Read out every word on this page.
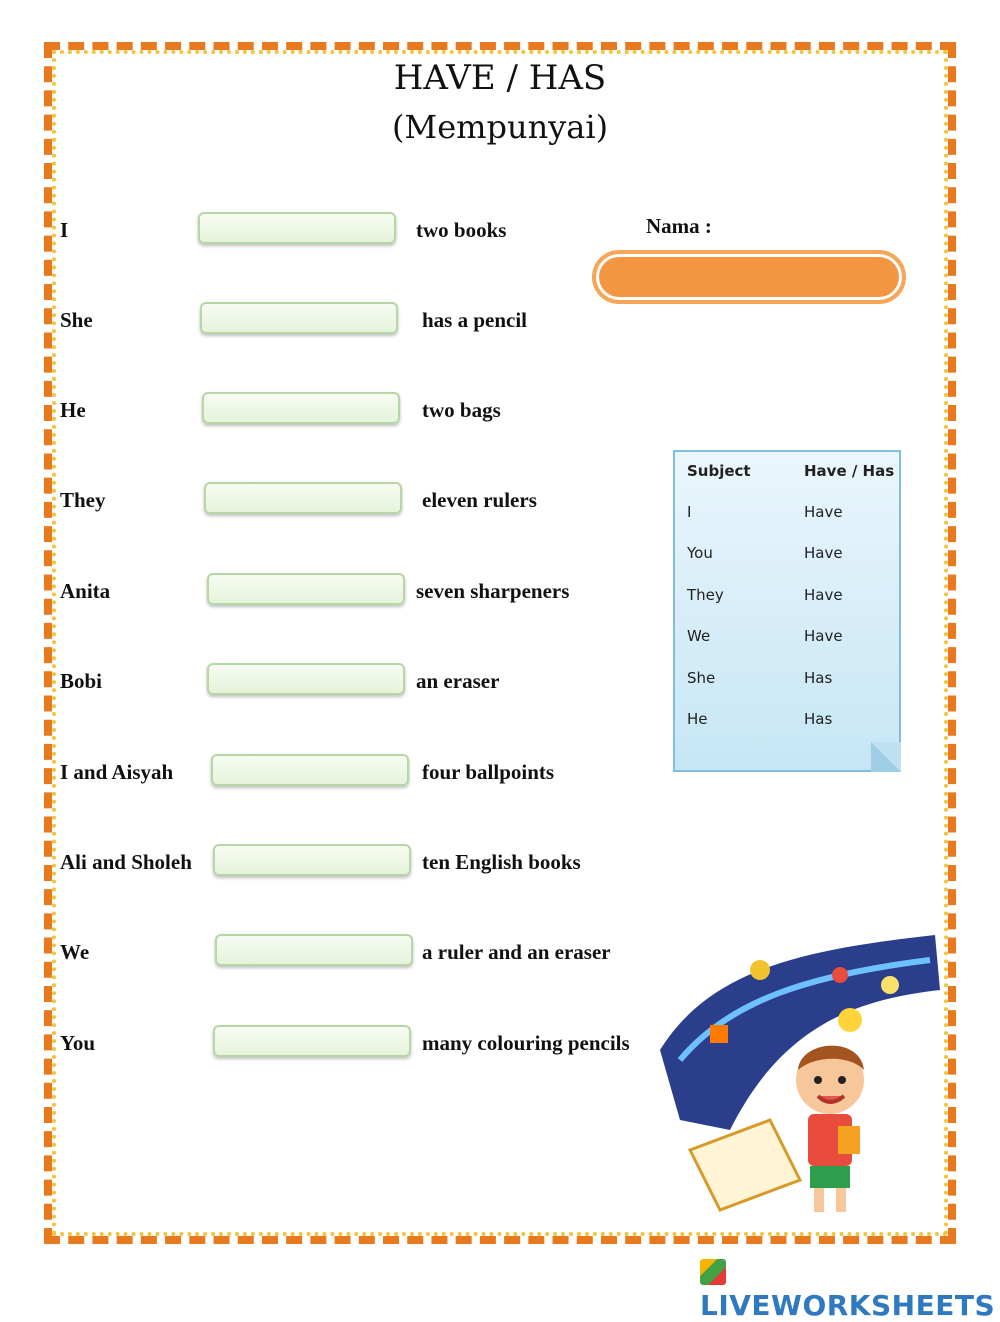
HAVE / HAS
(Mempunyai)
Nama :
I	two books
She	has a pencil
He	two bags
They	eleven rulers
Anita	seven sharpeners
Bobi	an eraser
I and Aisyah	four ballpoints
Ali and Sholeh	ten English books
We	a ruler and an eraser
You	many colouring pencils
Subject	Have / Has
I	Have
You	Have
They	Have
We	Have
She	Has
He	Has
LIVEWORKSHEETS
